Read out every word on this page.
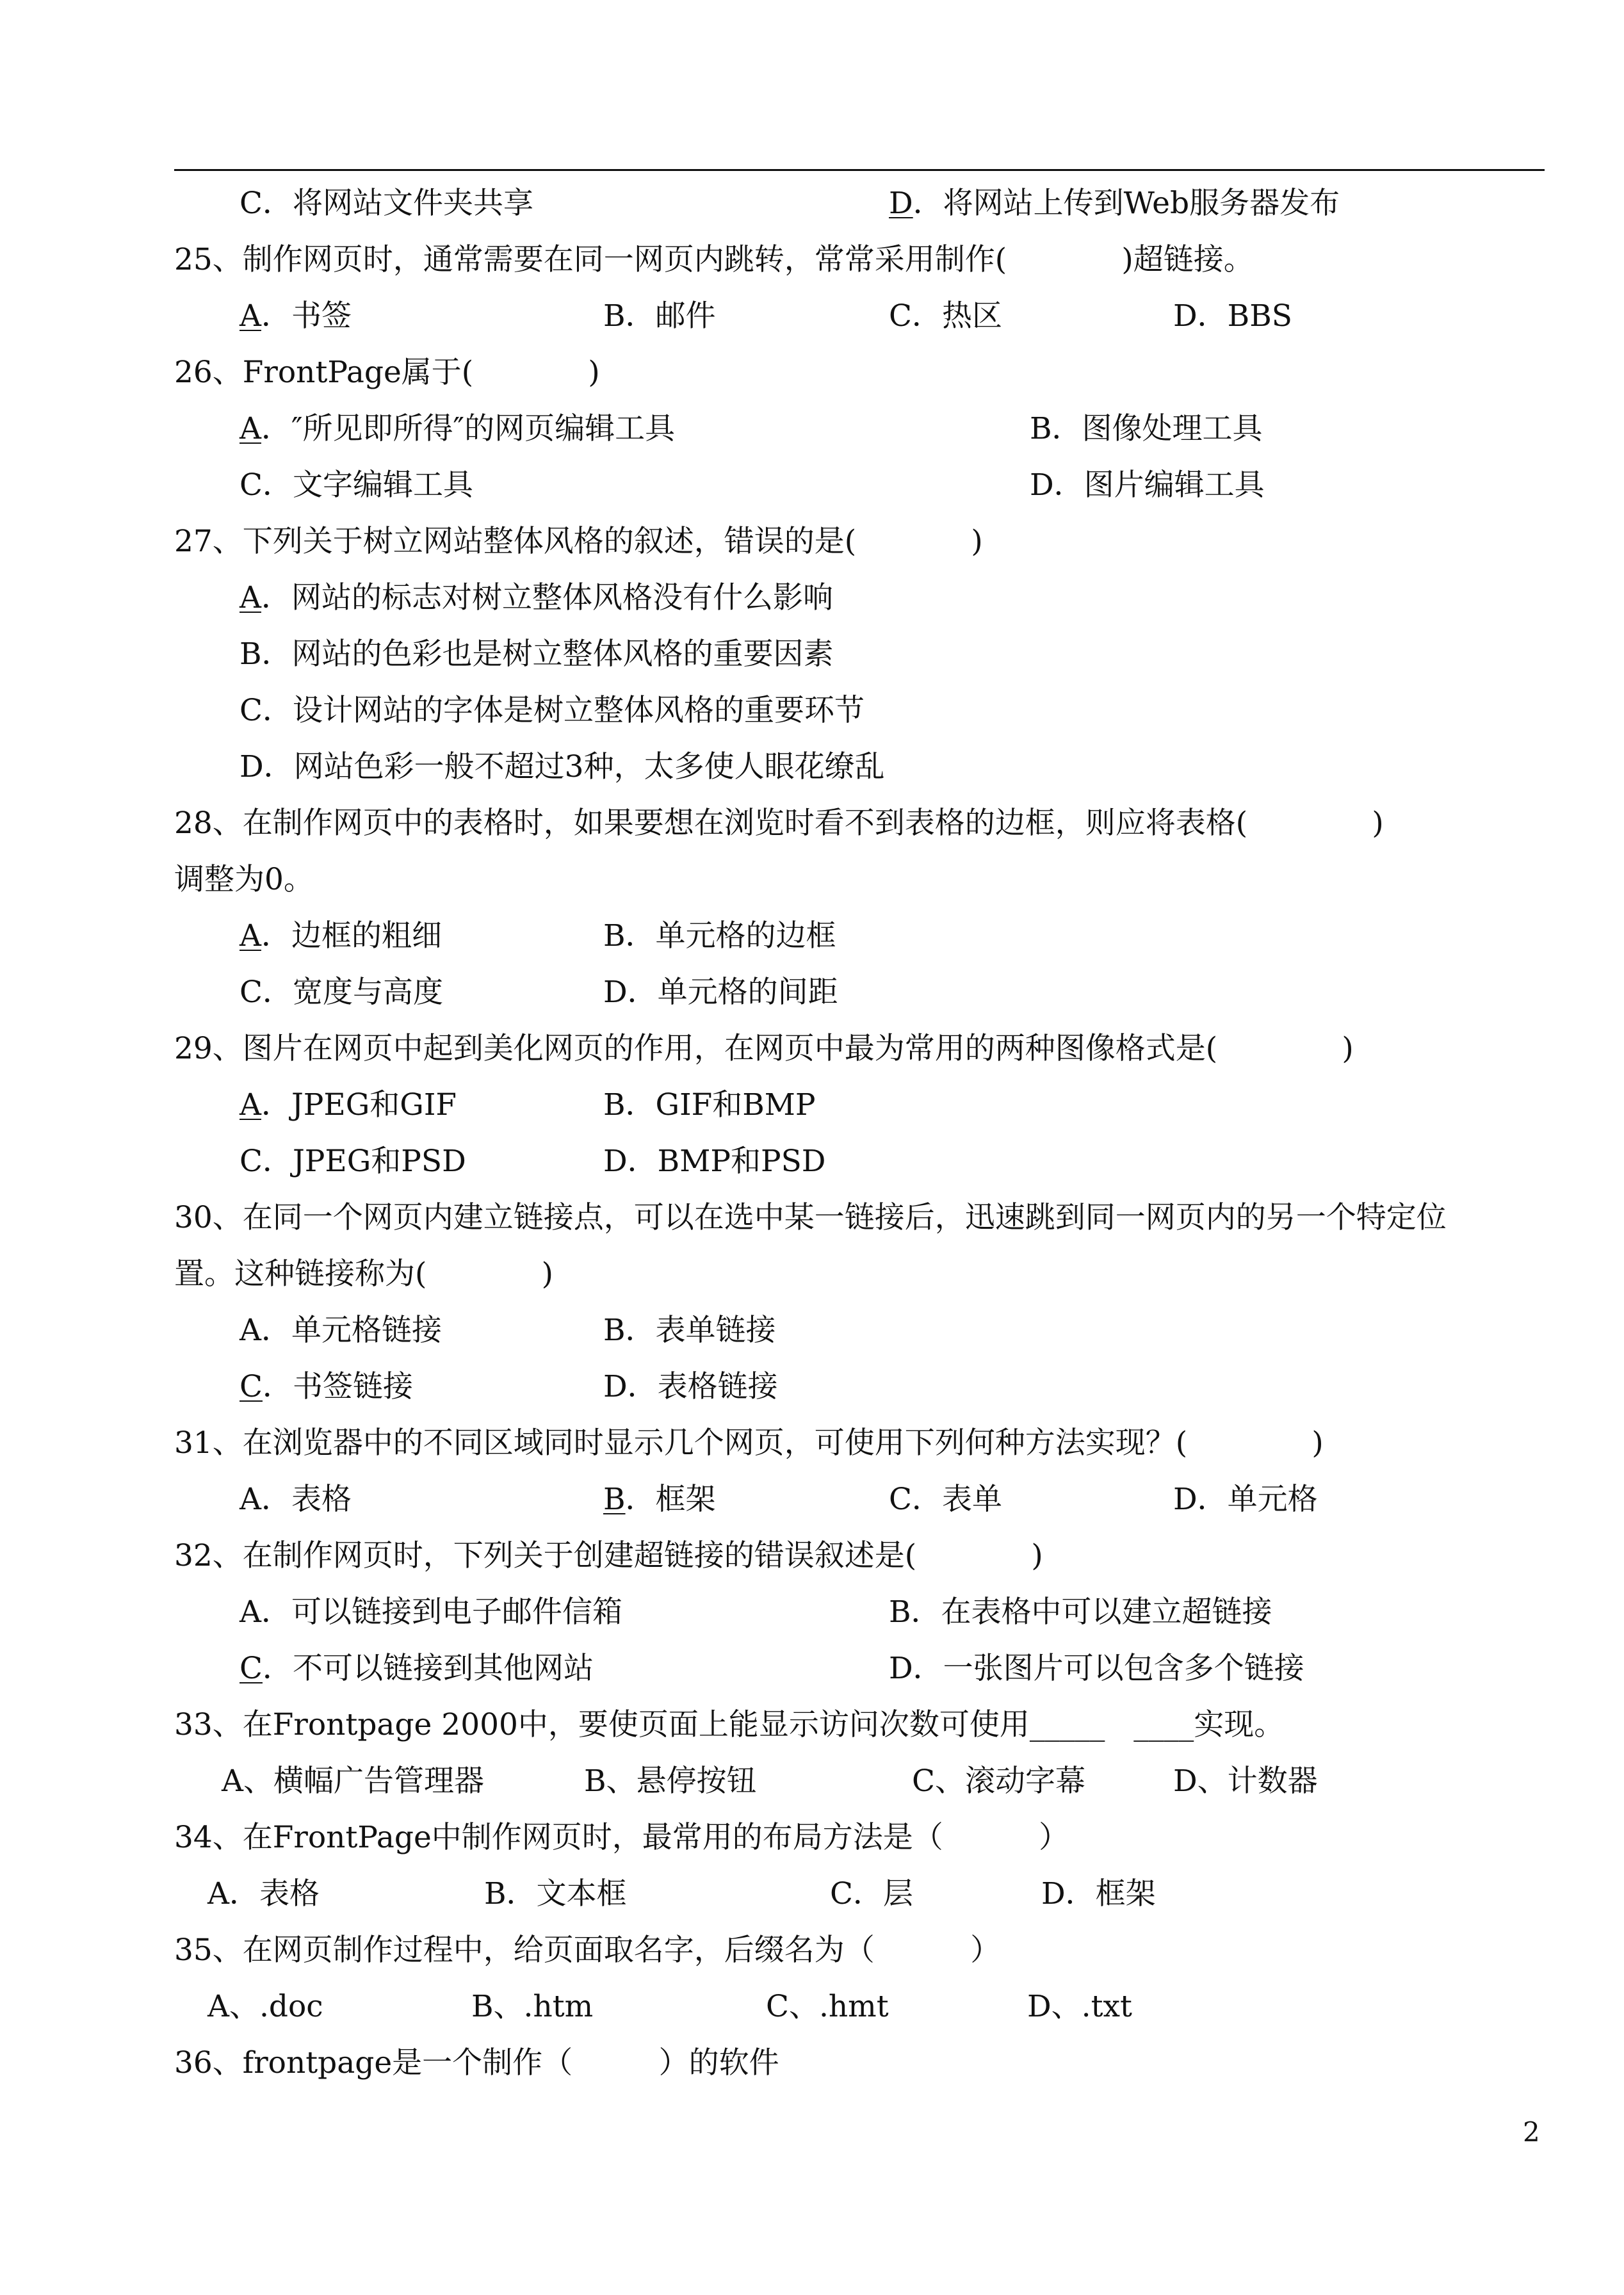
C．将网站文件夹共享	D．将网站上传到Web服务器发布
25、制作网页时，通常需要在同一网页内跳转，常常采用制作(            )超链接。
A．书签	B．邮件	C．热区	D．BBS
26、FrontPage属于(            )
A．″所见即所得″的网页编辑工具	B．图像处理工具
C．文字编辑工具	D．图片编辑工具
27、下列关于树立网站整体风格的叙述，错误的是(            )
A．网站的标志对树立整体风格没有什么影响
B．网站的色彩也是树立整体风格的重要因素
C．设计网站的字体是树立整体风格的重要环节
D．网站色彩一般不超过3种，太多使人眼花缭乱
28、在制作网页中的表格时，如果要想在浏览时看不到表格的边框，则应将表格(             )
调整为0。
A．边框的粗细	B．单元格的边框
C．宽度与高度	D．单元格的间距
29、图片在网页中起到美化网页的作用，在网页中最为常用的两种图像格式是(             )
A．JPEG和GIF	B．GIF和BMP
C．JPEG和PSD	D．BMP和PSD
30、在同一个网页内建立链接点，可以在选中某一链接后，迅速跳到同一网页内的另一个特定位
置。这种链接称为(            )
A．单元格链接	B．表单链接
C．书签链接	D．表格链接
31、在浏览器中的不同区域同时显示几个网页，可使用下列何种方法实现？(             )
A．表格	B．框架	C．表单	D．单元格
32、在制作网页时，下列关于创建超链接的错误叙述是(            )
A．可以链接到电子邮件信箱	B．在表格中可以建立超链接
C．不可以链接到其他网站	D．一张图片可以包含多个链接
33、在Frontpage 2000中，要使页面上能显示访问次数可使用_____   ____实现。
A、横幅广告管理器	B、悬停按钮	C、滚动字幕	D、计数器
34、在FrontPage中制作网页时，最常用的布局方法是（          ）
A．表格	B．文本框	C．层	D．框架
35、在网页制作过程中，给页面取名字，后缀名为（          ）
A、.doc	B、.htm	C、.hmt	D、.txt
36、frontpage是一个制作（         ）的软件
2
